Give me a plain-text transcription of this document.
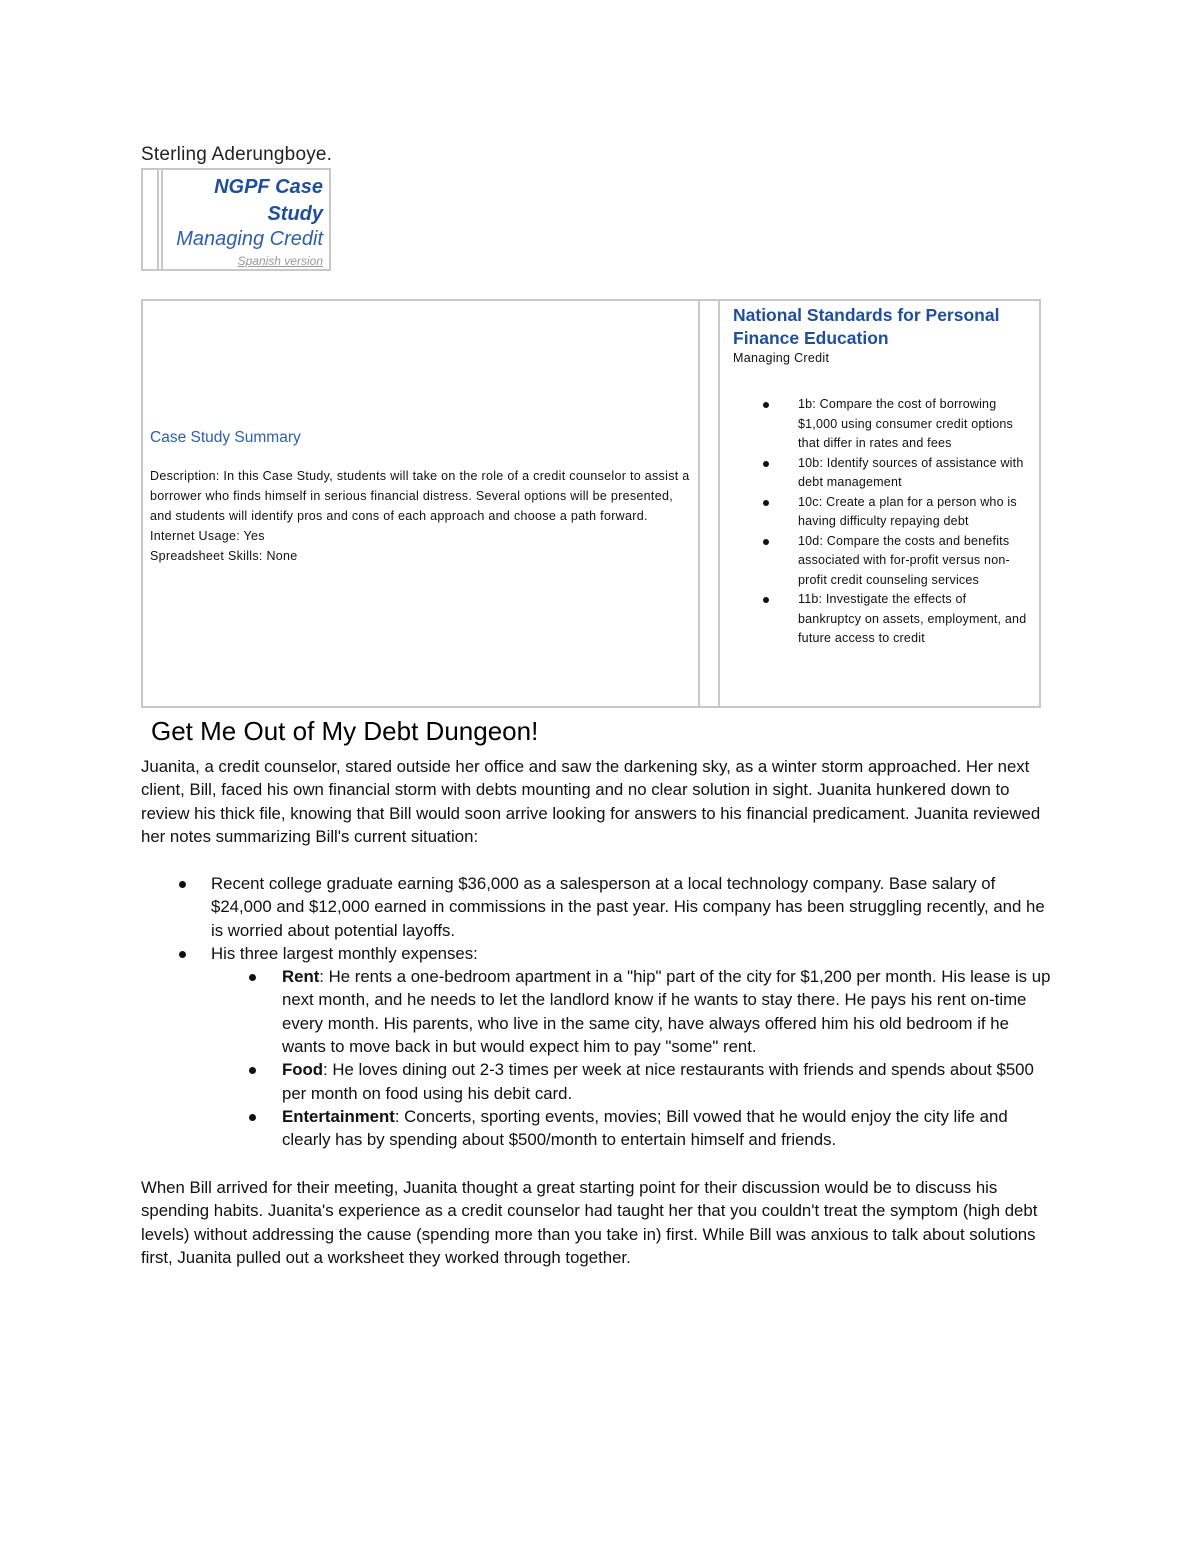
Sterling Aderungboye.
NGPF Case
Study
Managing Credit
Spanish version
Case Study Summary

Description: In this Case Study, students will take on the role of a credit counselor to assist a borrower who finds himself in serious financial distress. Several options will be presented, and students will identify pros and cons of each approach and choose a path forward.

Internet Usage: Yes

Spreadsheet Skills: None

National Standards for Personal Finance Education
Managing Credit
1b: Compare the cost of borrowing $1,000 using consumer credit options that differ in rates and fees
10b: Identify sources of assistance with debt management
10c: Create a plan for a person who is having difficulty repaying debt
10d: Compare the costs and benefits associated with for-profit versus non-profit credit counseling services
11b: Investigate the effects of bankruptcy on assets, employment, and future access to credit
Get Me Out of My Debt Dungeon!

Juanita, a credit counselor, stared outside her office and saw the darkening sky, as a winter storm approached. Her next client, Bill, faced his own financial storm with debts mounting and no clear solution in sight. Juanita hunkered down to review his thick file, knowing that Bill would soon arrive looking for answers to his financial predicament. Juanita reviewed her notes summarizing Bill's current situation:

Recent college graduate earning $36,000 as a salesperson at a local technology company. Base salary of $24,000 and $12,000 earned in commissions in the past year. His company has been struggling recently, and he is worried about potential layoffs.
His three largest monthly expenses:
Rent: He rents a one-bedroom apartment in a "hip" part of the city for $1,200 per month. His lease is up next month, and he needs to let the landlord know if he wants to stay there. He pays his rent on-time every month. His parents, who live in the same city, have always offered him his old bedroom if he wants to move back in but would expect him to pay "some" rent.
Food: He loves dining out 2-3 times per week at nice restaurants with friends and spends about $500 per month on food using his debit card.
Entertainment: Concerts, sporting events, movies; Bill vowed that he would enjoy the city life and clearly has by spending about $500/month to entertain himself and friends.

When Bill arrived for their meeting, Juanita thought a great starting point for their discussion would be to discuss his spending habits. Juanita's experience as a credit counselor had taught her that you couldn't treat the symptom (high debt levels) without addressing the cause (spending more than you take in) first. While Bill was anxious to talk about solutions first, Juanita pulled out a worksheet they worked through together.
